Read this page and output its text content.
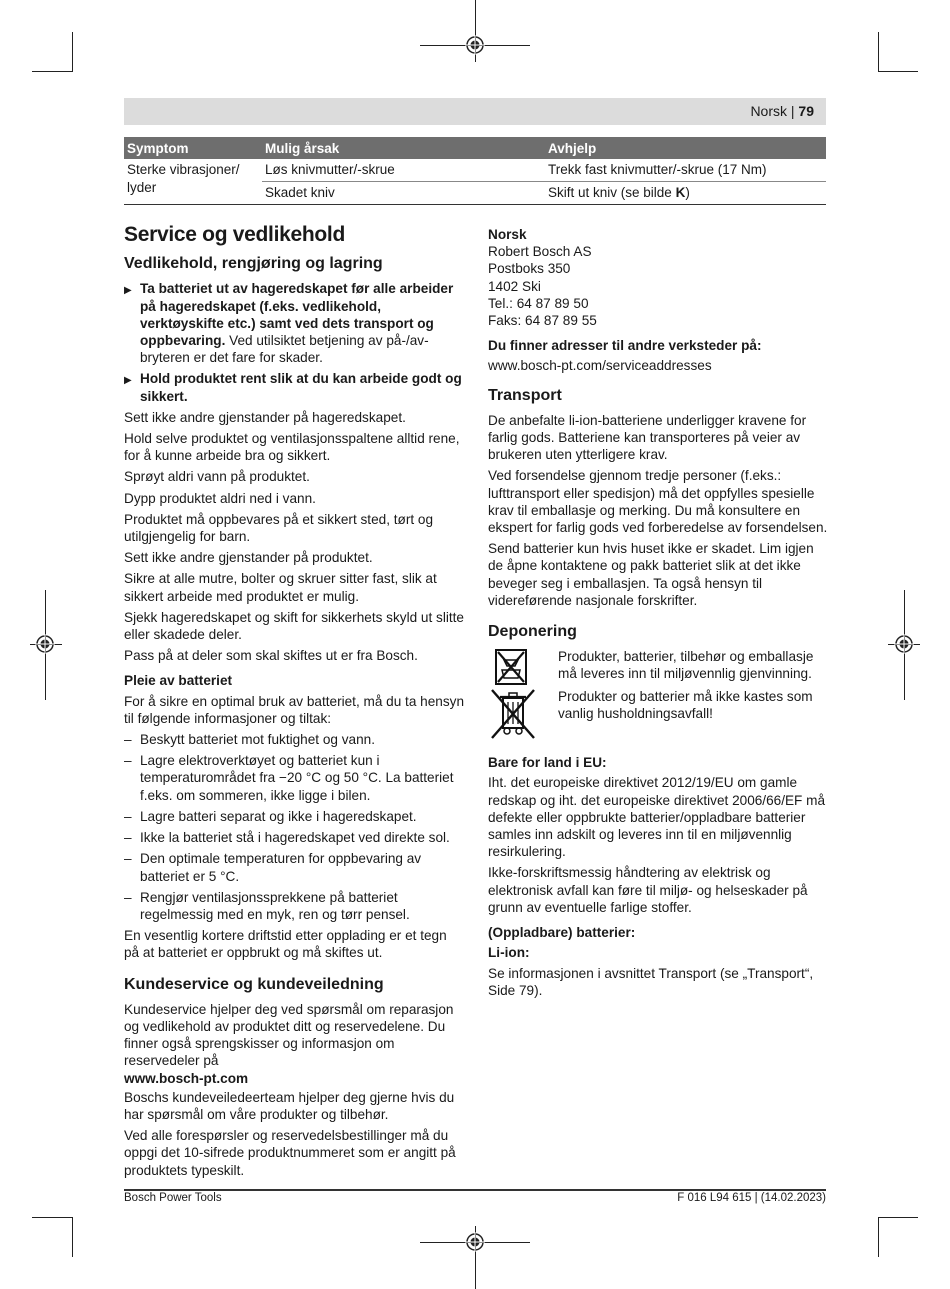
Norsk | 79
Symptom	Mulig årsak	Avhjelp
Sterke vibrasjoner/ lyder	Løs knivmutter/-skrue	Trekk fast knivmutter/-skrue (17 Nm)
	Skadet kniv	Skift ut kniv (se bilde K)
Service og vedlikehold
Vedlikehold, rengjøring og lagring
▶ Ta batteriet ut av hageredskapet før alle arbeider på hageredskapet (f.eks. vedlikehold, verktøyskifte etc.) samt ved dets transport og oppbevaring. Ved utilsiktet betjening av på-/av-bryteren er det fare for skader.
▶ Hold produktet rent slik at du kan arbeide godt og sikkert.

Sett ikke andre gjenstander på hageredskapet.

Hold selve produktet og ventilasjonsspaltene alltid rene, for å kunne arbeide bra og sikkert.

Sprøyt aldri vann på produktet.

Dypp produktet aldri ned i vann.

Produktet må oppbevares på et sikkert sted, tørt og utilgjengelig for barn.

Sett ikke andre gjenstander på produktet.

Sikre at alle mutre, bolter og skruer sitter fast, slik at sikkert arbeide med produktet er mulig.

Sjekk hageredskapet og skift for sikkerhets skyld ut slitte eller skadede deler.

Pass på at deler som skal skiftes ut er fra Bosch.

Pleie av batteriet

For å sikre en optimal bruk av batteriet, må du ta hensyn til følgende informasjoner og tiltak:

– Beskytt batteriet mot fuktighet og vann.
– Lagre elektroverktøyet og batteriet kun i temperaturområdet fra −20 °C og 50 °C. La batteriet f.eks. om sommeren, ikke ligge i bilen.
– Lagre batteri separat og ikke i hageredskapet.
– Ikke la batteriet stå i hageredskapet ved direkte sol.
– Den optimale temperaturen for oppbevaring av batteriet er 5 °C.
– Rengjør ventilasjonssprekkene på batteriet regelmessig med en myk, ren og tørr pensel.

En vesentlig kortere driftstid etter opplading er et tegn på at batteriet er oppbrukt og må skiftes ut.

Kundeservice og kundeveiledning

Kundeservice hjelper deg ved spørsmål om reparasjon og vedlikehold av produktet ditt og reservedelene. Du finner også sprengskisser og informasjon om reservedeler på
www.bosch-pt.com

Boschs kundeveiledeerteam hjelper deg gjerne hvis du har spørsmål om våre produkter og tilbehør.

Ved alle forespørsler og reservedelsbestillinger må du oppgi det 10-sifrede produktnummeret som er angitt på produktets typeskilt.

Norsk
Robert Bosch AS
Postboks 350
1402 Ski
Tel.: 64 87 89 50
Faks: 64 87 89 55
Du finner adresser til andre verksteder på:
www.bosch-pt.com/serviceaddresses
Transport

De anbefalte li-ion-batteriene underligger kravene for farlig gods. Batteriene kan transporteres på veier av brukeren uten ytterligere krav.

Ved forsendelse gjennom tredje personer (f.eks.: lufttransport eller spedisjon) må det oppfylles spesielle krav til emballasje og merking. Du må konsultere en ekspert for farlig gods ved forberedelse av forsendelsen.

Send batterier kun hvis huset ikke er skadet. Lim igjen de åpne kontaktene og pakk batteriet slik at det ikke beveger seg i emballasjen. Ta også hensyn til videreførende nasjonale forskrifter.

Deponering
Produkter, batterier, tilbehør og emballasje må leveres inn til miljøvennlig gjenvinning.
Produkter og batterier må ikke kastes som vanlig husholdningsavfall!
Bare for land i EU:

Iht. det europeiske direktivet 2012/19/EU om gamle redskap og iht. det europeiske direktivet 2006/66/EF må defekte eller oppbrukte batterier/oppladbare batterier samles inn adskilt og leveres inn til en miljøvennlig resirkulering.

Ikke-forskriftsmessig håndtering av elektrisk og elektronisk avfall kan føre til miljø- og helseskader på grunn av eventuelle farlige stoffer.

(Oppladbare) batterier:
Li-ion:

Se informasjonen i avsnittet Transport (se „Transport“, Side 79).

Bosch Power Tools	F 016 L94 615 | (14.02.2023)
